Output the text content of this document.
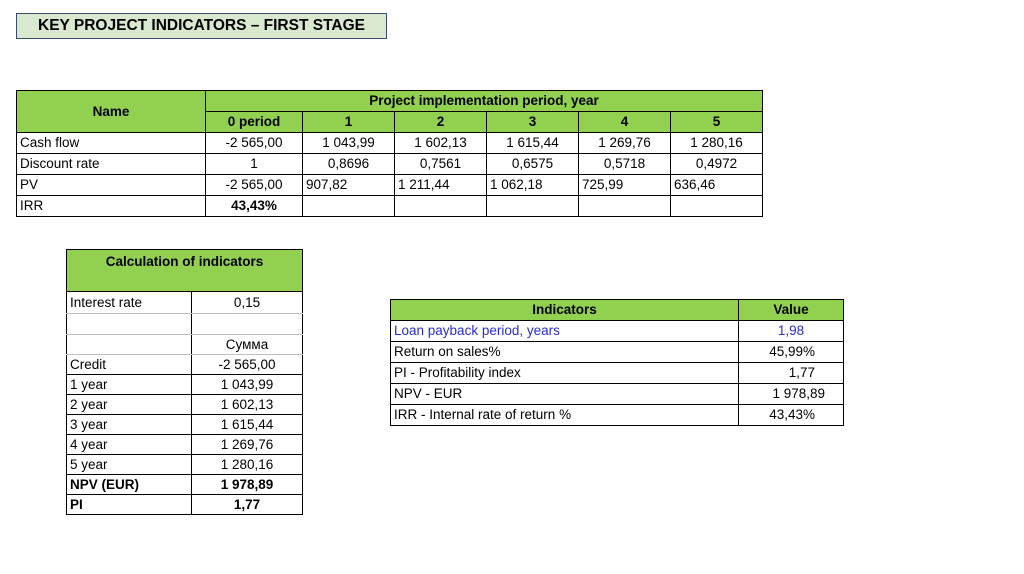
KEY PROJECT INDICATORS – FIRST STAGE
Name	Project implementation period, year					
	0 period	1	2	3	4	5
Cash flow	-2 565,00	1 043,99	1 602,13	1 615,44	1 269,76	1 280,16
Discount rate	1	0,8696	0,7561	0,6575	0,5718	0,4972
PV	-2 565,00	907,82	1 211,44	1 062,18	725,99	636,46
IRR	43,43%					
Calculation of indicators	
Interest rate	0,15

	Сумма
Credit	-2 565,00
1 year	1 043,99
2 year	1 602,13
3 year	1 615,44
4 year	1 269,76
5 year	1 280,16
NPV (EUR)	1 978,89
PI	1,77
Indicators	Value
Loan payback period, years	1,98
Return on sales%	45,99%
PI - Profitability index	1,77
NPV - EUR	1 978,89
IRR - Internal rate of return %	43,43%
